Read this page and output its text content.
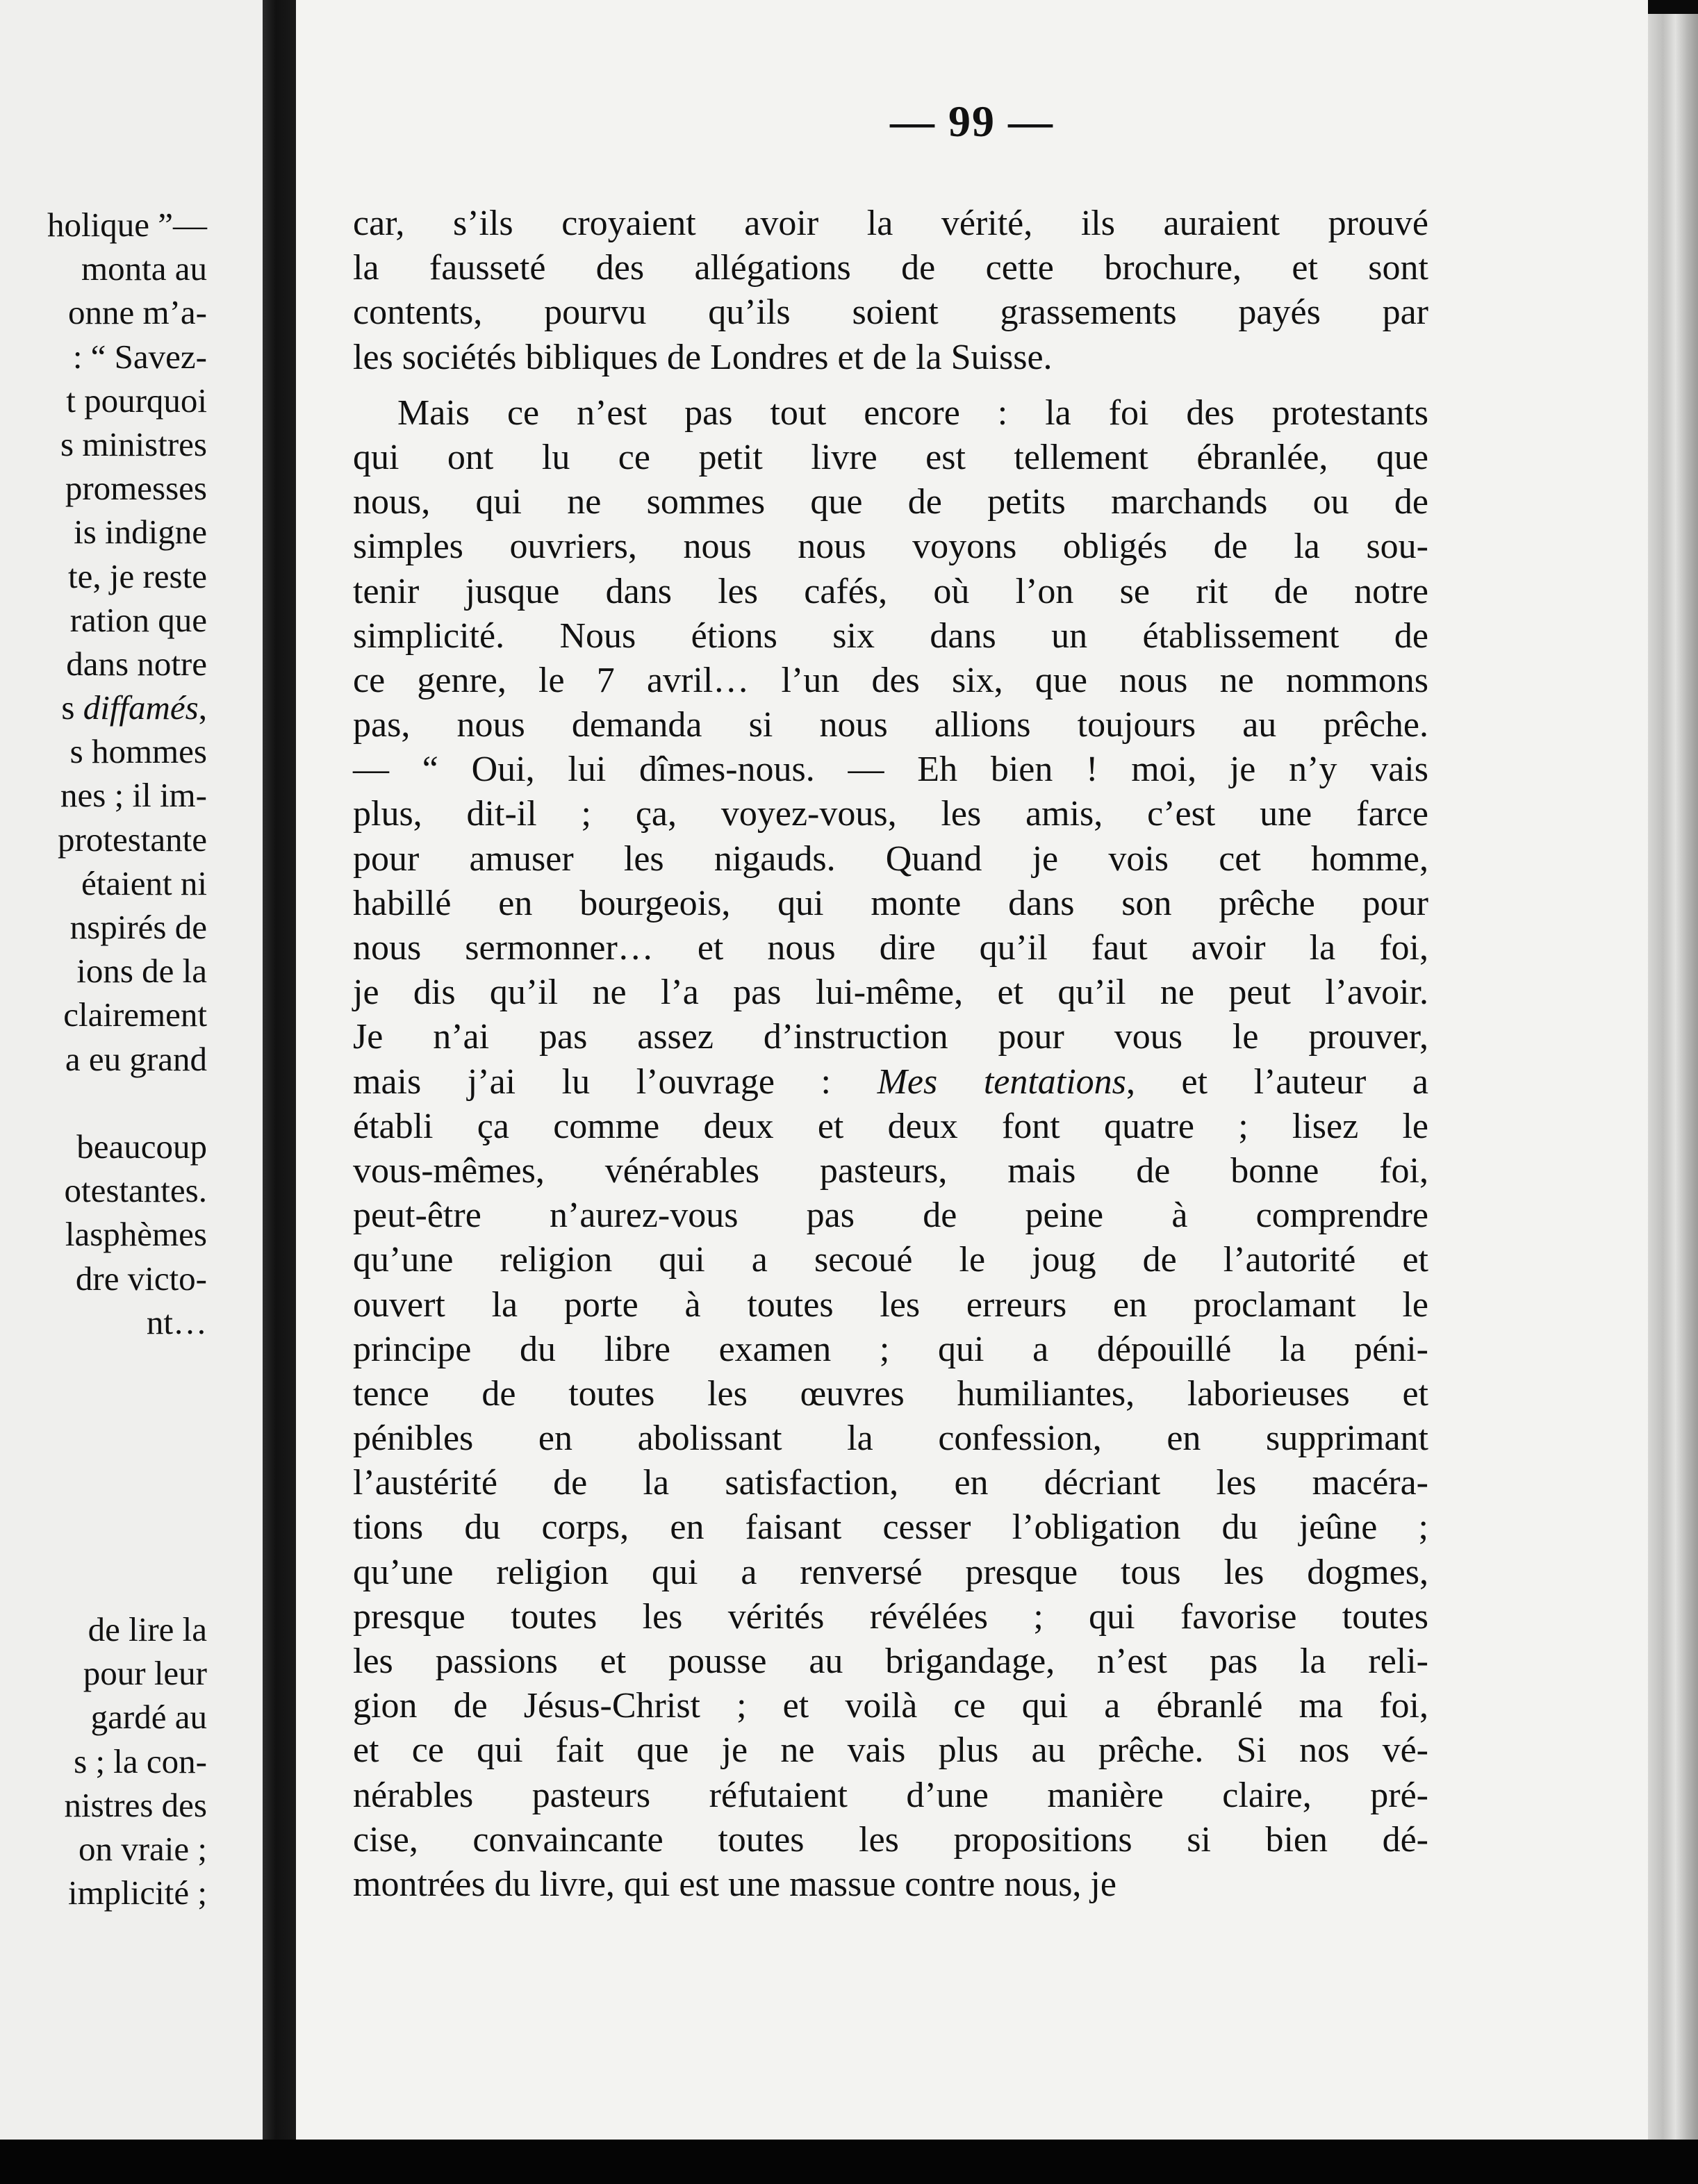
holique ”—
monta au
onne m’a-
: “ Savez-
t pourquoi
s ministres
promesses
is indigne
te, je reste
ration que
dans notre
s diffamés,
s hommes
nes ; il im-
protestante
étaient ni
nspirés de
ions de la
clairement
a eu grand

beaucoup
otestantes.
lasphèmes
dre victo-
nt…

de lire la
pour leur
gardé au
s ; la con-
nistres des
on vraie ;
implicité ;
— 99 —
car, s’ils croyaient avoir la vérité, ils auraient prouvé
la fausseté des allégations de cette brochure, et sont
contents, pourvu qu’ils soient grassements payés par
les sociétés bibliques de Londres et de la Suisse.
Mais ce n’est pas tout encore : la foi des protestants
qui ont lu ce petit livre est tellement ébranlée, que
nous, qui ne sommes que de petits marchands ou de
simples ouvriers, nous nous voyons obligés de la sou-
tenir jusque dans les cafés, où l’on se rit de notre
simplicité. Nous étions six dans un établissement de
ce genre, le 7 avril… l’un des six, que nous ne nommons
pas, nous demanda si nous allions toujours au prêche.
— “ Oui, lui dîmes-nous. — Eh bien ! moi, je n’y vais
plus, dit-il ; ça, voyez-vous, les amis, c’est une farce
pour amuser les nigauds. Quand je vois cet homme,
habillé en bourgeois, qui monte dans son prêche pour
nous sermonner… et nous dire qu’il faut avoir la foi,
je dis qu’il ne l’a pas lui-même, et qu’il ne peut l’avoir.
Je n’ai pas assez d’instruction pour vous le prouver,
mais j’ai lu l’ouvrage : Mes tentations, et l’auteur a
établi ça comme deux et deux font quatre ; lisez le
vous-mêmes, vénérables pasteurs, mais de bonne foi,
peut-être n’aurez-vous pas de peine à comprendre
qu’une religion qui a secoué le joug de l’autorité et
ouvert la porte à toutes les erreurs en proclamant le
principe du libre examen ; qui a dépouillé la péni-
tence de toutes les œuvres humiliantes, laborieuses et
pénibles en abolissant la confession, en supprimant
l’austérité de la satisfaction, en décriant les macéra-
tions du corps, en faisant cesser l’obligation du jeûne ;
qu’une religion qui a renversé presque tous les dogmes,
presque toutes les vérités révélées ; qui favorise toutes
les passions et pousse au brigandage, n’est pas la reli-
gion de Jésus-Christ ; et voilà ce qui a ébranlé ma foi,
et ce qui fait que je ne vais plus au prêche. Si nos vé-
nérables pasteurs réfutaient d’une manière claire, pré-
cise, convaincante toutes les propositions si bien dé-
montrées du livre, qui est une massue contre nous, je
